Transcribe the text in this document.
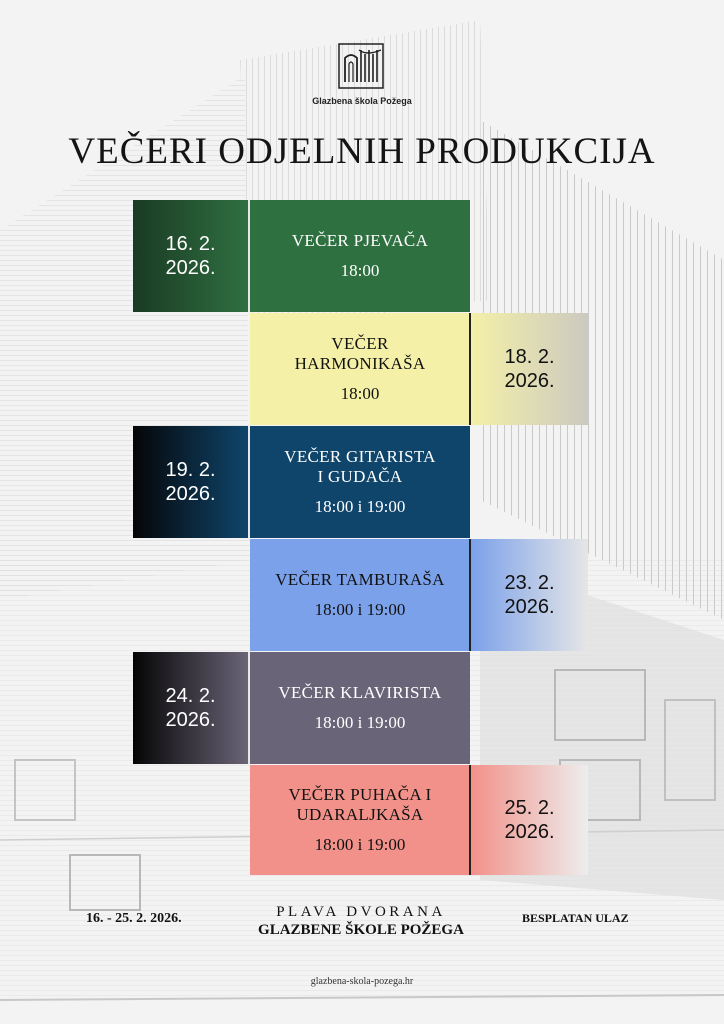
Glazbena škola Požega
VEČERI ODJELNIH PRODUKCIJA
16. 2.
2026.
VEČER PJEVAČA
18:00
VEČER
HARMONIKAŠA
18:00
18. 2.
2026.
19. 2.
2026.
VEČER GITARISTA
I GUDAČA
18:00 i 19:00
VEČER TAMBURAŠA
18:00 i 19:00
23. 2.
2026.
24. 2.
2026.
VEČER KLAVIRISTA
18:00 i 19:00
VEČER PUHAČA I
UDARALJKAŠA
18:00 i 19:00
25. 2.
2026.
16. - 25. 2. 2026.	PLAVA DVORANA
GLAZBENE ŠKOLE POŽEGA
BESPLATAN ULAZ
glazbena-skola-pozega.hr
